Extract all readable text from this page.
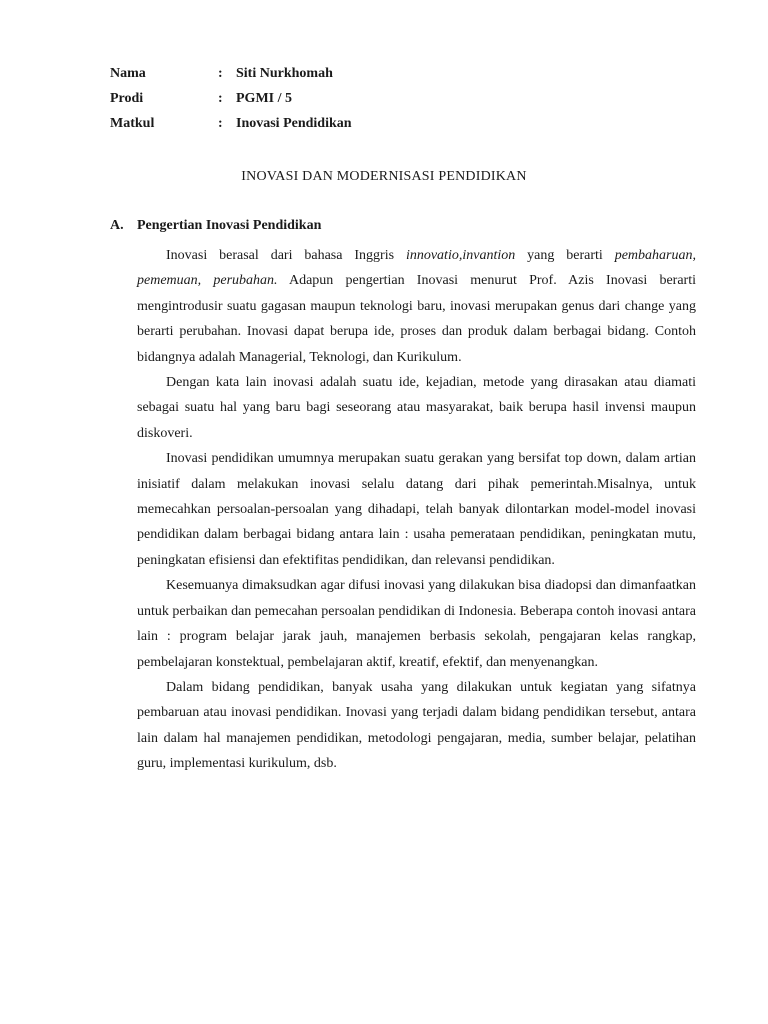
Nama	: Siti Nurkhomah
Prodi	: PGMI / 5
Matkul	: Inovasi Pendidikan
INOVASI DAN MODERNISASI PENDIDIKAN
A. Pengertian Inovasi Pendidikan

Inovasi berasal dari bahasa Inggris innovatio,invantion yang berarti pembaharuan, pememuan, perubahan. Adapun pengertian Inovasi menurut Prof. Azis Inovasi berarti mengintrodusir suatu gagasan maupun teknologi baru, inovasi merupakan genus dari change yang berarti perubahan. Inovasi dapat berupa ide, proses dan produk dalam berbagai bidang. Contoh bidangnya adalah Managerial, Teknologi, dan Kurikulum.

Dengan kata lain inovasi adalah suatu ide, kejadian, metode yang dirasakan atau diamati sebagai suatu hal yang baru bagi seseorang atau masyarakat, baik berupa hasil invensi maupun diskoveri.

Inovasi pendidikan umumnya merupakan suatu gerakan yang bersifat top down, dalam artian inisiatif dalam melakukan inovasi selalu datang dari pihak pemerintah.Misalnya, untuk memecahkan persoalan-persoalan yang dihadapi, telah banyak dilontarkan model-model inovasi pendidikan dalam berbagai bidang antara lain : usaha pemerataan pendidikan, peningkatan mutu, peningkatan efisiensi dan efektifitas pendidikan, dan relevansi pendidikan.

Kesemuanya dimaksudkan agar difusi inovasi yang dilakukan bisa diadopsi dan dimanfaatkan untuk perbaikan dan pemecahan persoalan pendidikan di Indonesia. Beberapa contoh inovasi antara lain : program belajar jarak jauh, manajemen berbasis sekolah, pengajaran kelas rangkap, pembelajaran konstektual, pembelajaran aktif, kreatif, efektif, dan menyenangkan.

Dalam bidang pendidikan, banyak usaha yang dilakukan untuk kegiatan yang sifatnya pembaruan atau inovasi pendidikan. Inovasi yang terjadi dalam bidang pendidikan tersebut, antara lain dalam hal manajemen pendidikan, metodologi pengajaran, media, sumber belajar, pelatihan guru, implementasi kurikulum, dsb.
